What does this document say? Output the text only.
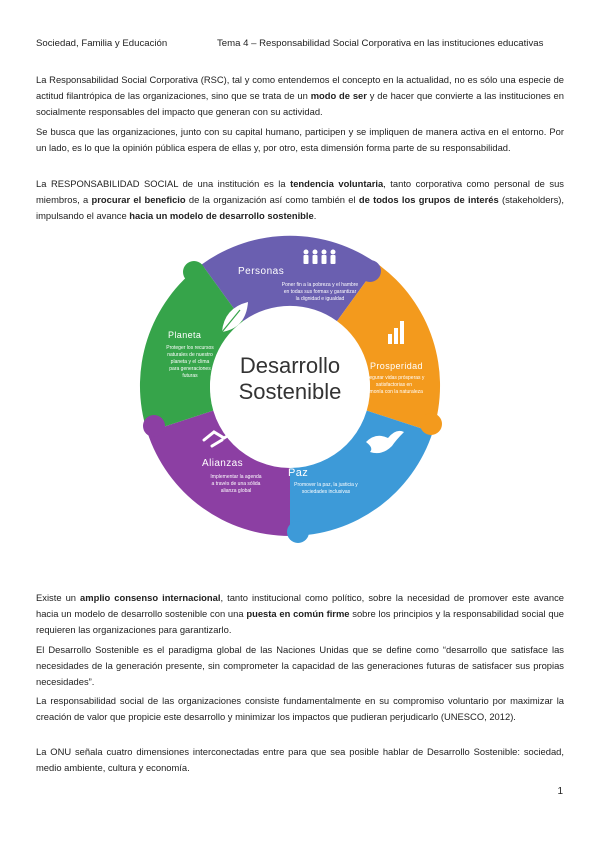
Sociedad, Familia y Educación	Tema 4 – Responsabilidad Social Corporativa en las instituciones educativas

La Responsabilidad Social Corporativa (RSC), tal y como entendemos el concepto en la actualidad, no es sólo una especie de actitud filantrópica de las organizaciones, sino que se trata de un modo de ser y de hacer que convierte a las instituciones en socialmente responsables del impacto que generan con su actividad.

Se busca que las organizaciones, junto con su capital humano, participen y se impliquen de manera activa en el entorno. Por un lado, es lo que la opinión pública espera de ellas y, por otro, esta dimensión forma parte de su responsabilidad.

La RESPONSABILIDAD SOCIAL de una institución es la tendencia voluntaria, tanto corporativa como personal de sus miembros, a procurar el beneficio de la organización así como también el de todos los grupos de interés (stakeholders), impulsando el avance hacia un modelo de desarrollo sostenible.

Desarrollo
Sostenible
Personas
Poner fin a la pobreza y el hambre
en todas sus formas y garantizar
la dignidad e igualdad
Prosperidad
Asegurar vidas prósperas y
satisfactorias en
armonía con la naturaleza
Paz
Promover la paz, la justicia y
sociedades inclusivas
Alianzas
Implementar la agenda
a través de una sólida
alianza global
Planeta
Proteger los recursos
naturales de nuestro
planeta y el clima
para generaciones
futuras

Existe un amplio consenso internacional, tanto institucional como político, sobre la necesidad de promover este avance hacia un modelo de desarrollo sostenible con una puesta en común firme sobre los principios y la responsabilidad social que requieren las organizaciones para garantizarlo.

El Desarrollo Sostenible es el paradigma global de las Naciones Unidas que se define como “desarrollo que satisface las necesidades de la generación presente, sin comprometer la capacidad de las generaciones futuras de satisfacer sus propias necesidades”.

La responsabilidad social de las organizaciones consiste fundamentalmente en su compromiso voluntario por maximizar la creación de valor que propicie este desarrollo y minimizar los impactos que pudieran perjudicarlo (UNESCO, 2012).

La ONU señala cuatro dimensiones interconectadas entre para que sea posible hablar de Desarrollo Sostenible: sociedad, medio ambiente, cultura y economía.

1
